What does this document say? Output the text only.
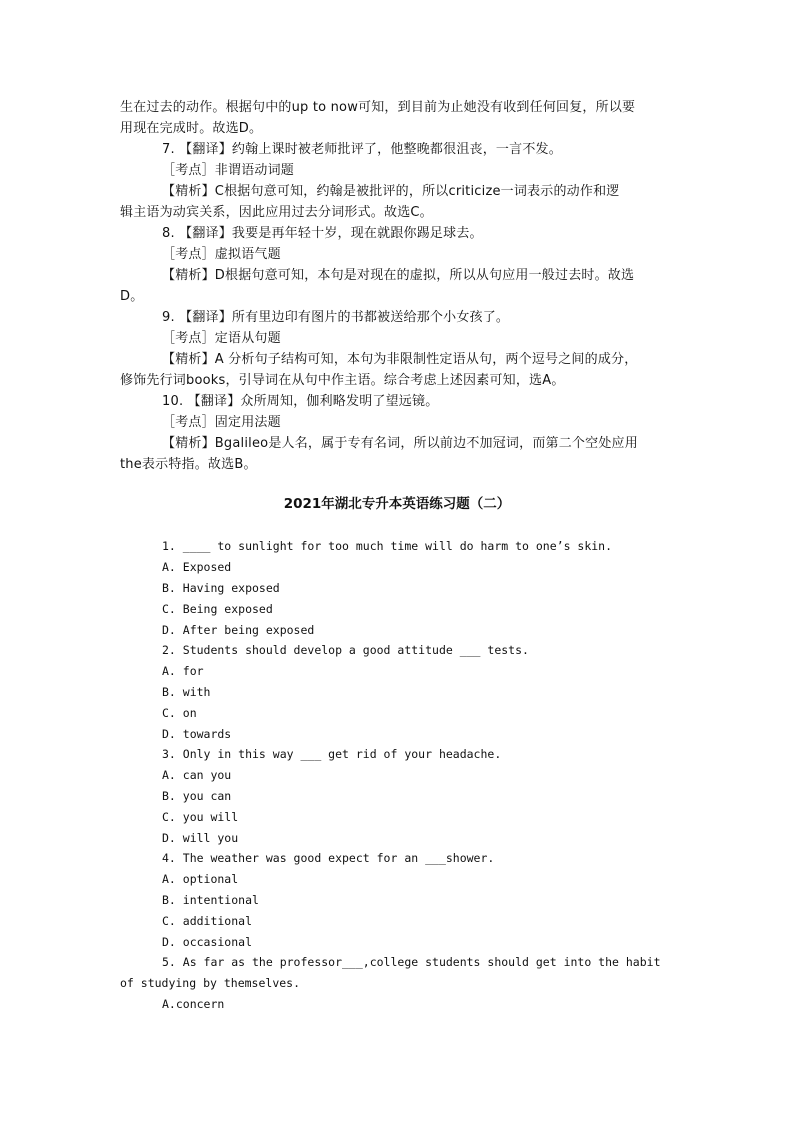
生在过去的动作。根据句中的up to now可知，到目前为止她没有收到任何回复，所以要
用现在完成时。故选D。
7. 【翻译】约翰上课时被老师批评了，他整晚都很沮丧，一言不发。
［考点］非谓语动词题
【精析】C根据句意可知，约翰是被批评的，所以criticize一词表示的动作和逻
辑主语为动宾关系，因此应用过去分词形式。故选C。
8. 【翻译】我要是再年轻十岁，现在就跟你踢足球去。
［考点］虚拟语气题
【精析】D根据句意可知，本句是对现在的虚拟，所以从句应用一般过去时。故选
D。
9. 【翻译】所有里边印有图片的书都被送给那个小女孩了。
［考点］定语从句题
【精析】A 分析句子结构可知，本句为非限制性定语从句，两个逗号之间的成分，
修饰先行词books，引导词在从句中作主语。综合考虑上述因素可知，选A。
10. 【翻译】众所周知，伽利略发明了望远镜。
［考点］固定用法题
【精析】Bgalileo是人名，属于专有名词，所以前边不加冠词，而第二个空处应用
the表示特指。故选B。
2021年湖北专升本英语练习题（二）
1. ____ to sunlight for too much time will do harm to one’s skin.
A. Exposed
B. Having exposed
C. Being exposed
D. After being exposed
2. Students should develop a good attitude ___ tests.
A. for
B. with
C. on
D. towards
3. Only in this way ___ get rid of your headache.
A. can you
B. you can
C. you will
D. will you
4. The weather was good expect for an ___shower.
A. optional
B. intentional
C. additional
D. occasional
5. As far as the professor___,college students should get into the habit
of studying by themselves.
A.concern
